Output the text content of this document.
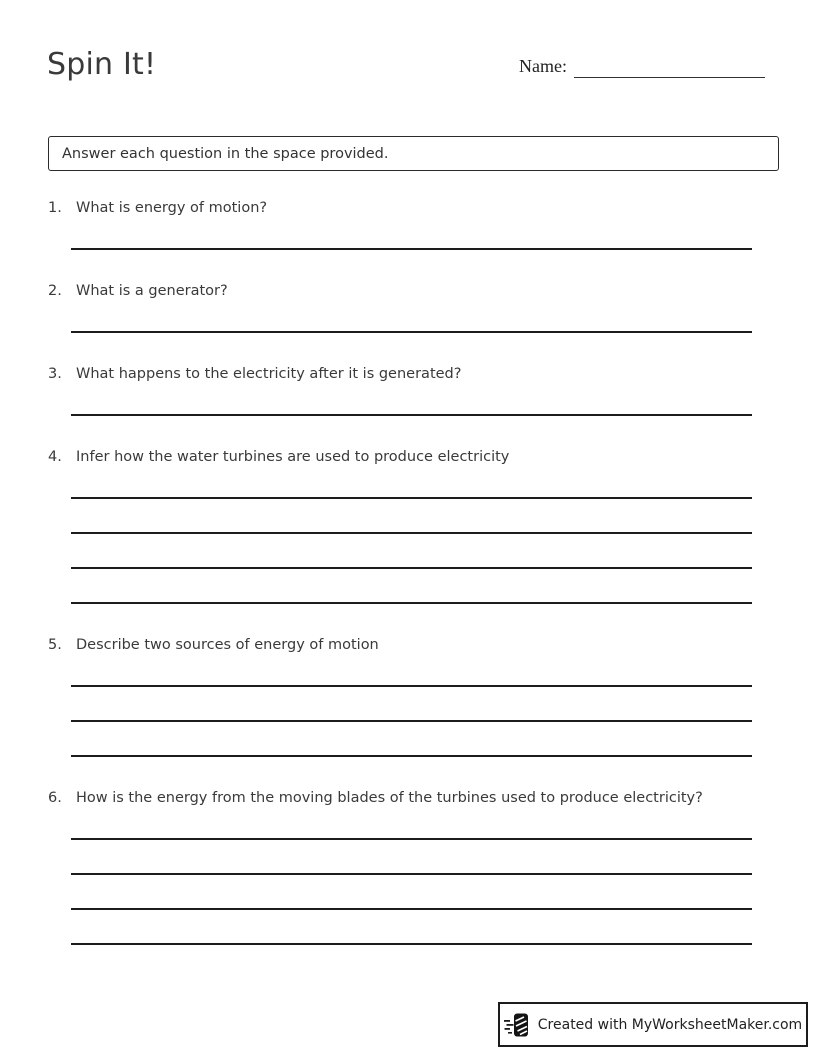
Spin It!	Name:
Answer each question in the space provided.
1. What is energy of motion?
2. What is a generator?
3. What happens to the electricity after it is generated?
4. Infer how the water turbines are used to produce electricity
5. Describe two sources of energy of motion
6. How is the energy from the moving blades of the turbines used to produce electricity?
Created with MyWorksheetMaker.com
